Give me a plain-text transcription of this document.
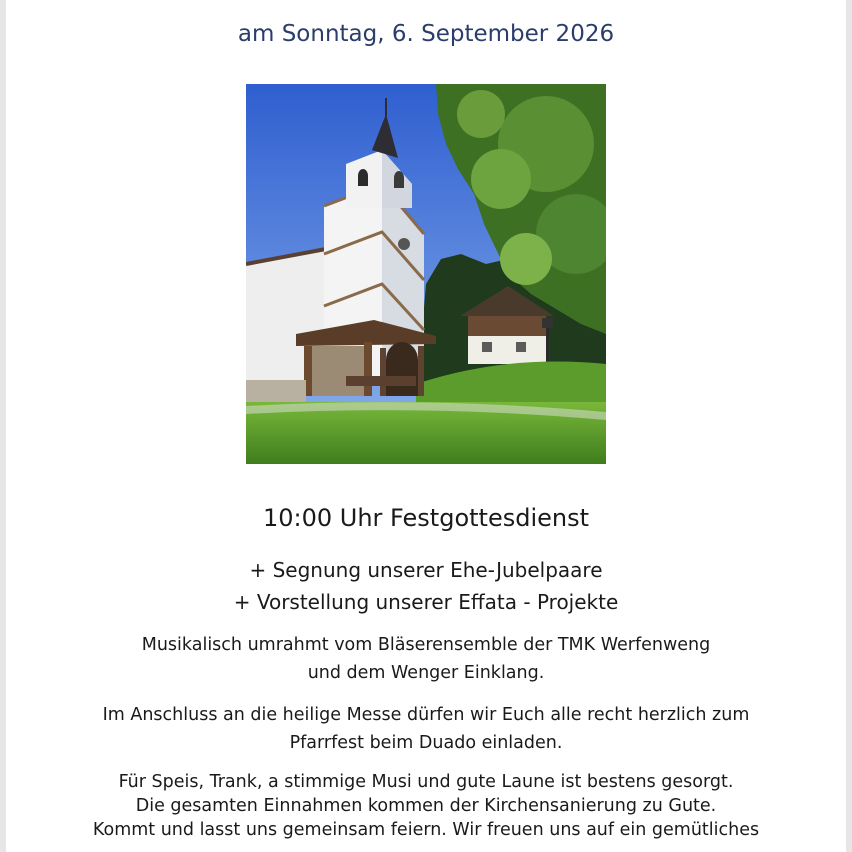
am Sonntag, 6. September 2026
10:00 Uhr Festgottesdienst
+ Segnung unserer Ehe-Jubelpaare
+ Vorstellung unserer Effata - Projekte
Musikalisch umrahmt vom Bläserensemble der TMK Werfenweng
und dem Wenger Einklang.
Im Anschluss an die heilige Messe dürfen wir Euch alle recht herzlich zum
Pfarrfest beim Duado einladen.
Für Speis, Trank, a stimmige Musi und gute Laune ist bestens gesorgt.
Die gesamten Einnahmen kommen der Kirchensanierung zu Gute.
Kommt und lasst uns gemeinsam feiern. Wir freuen uns auf ein gemütliches
